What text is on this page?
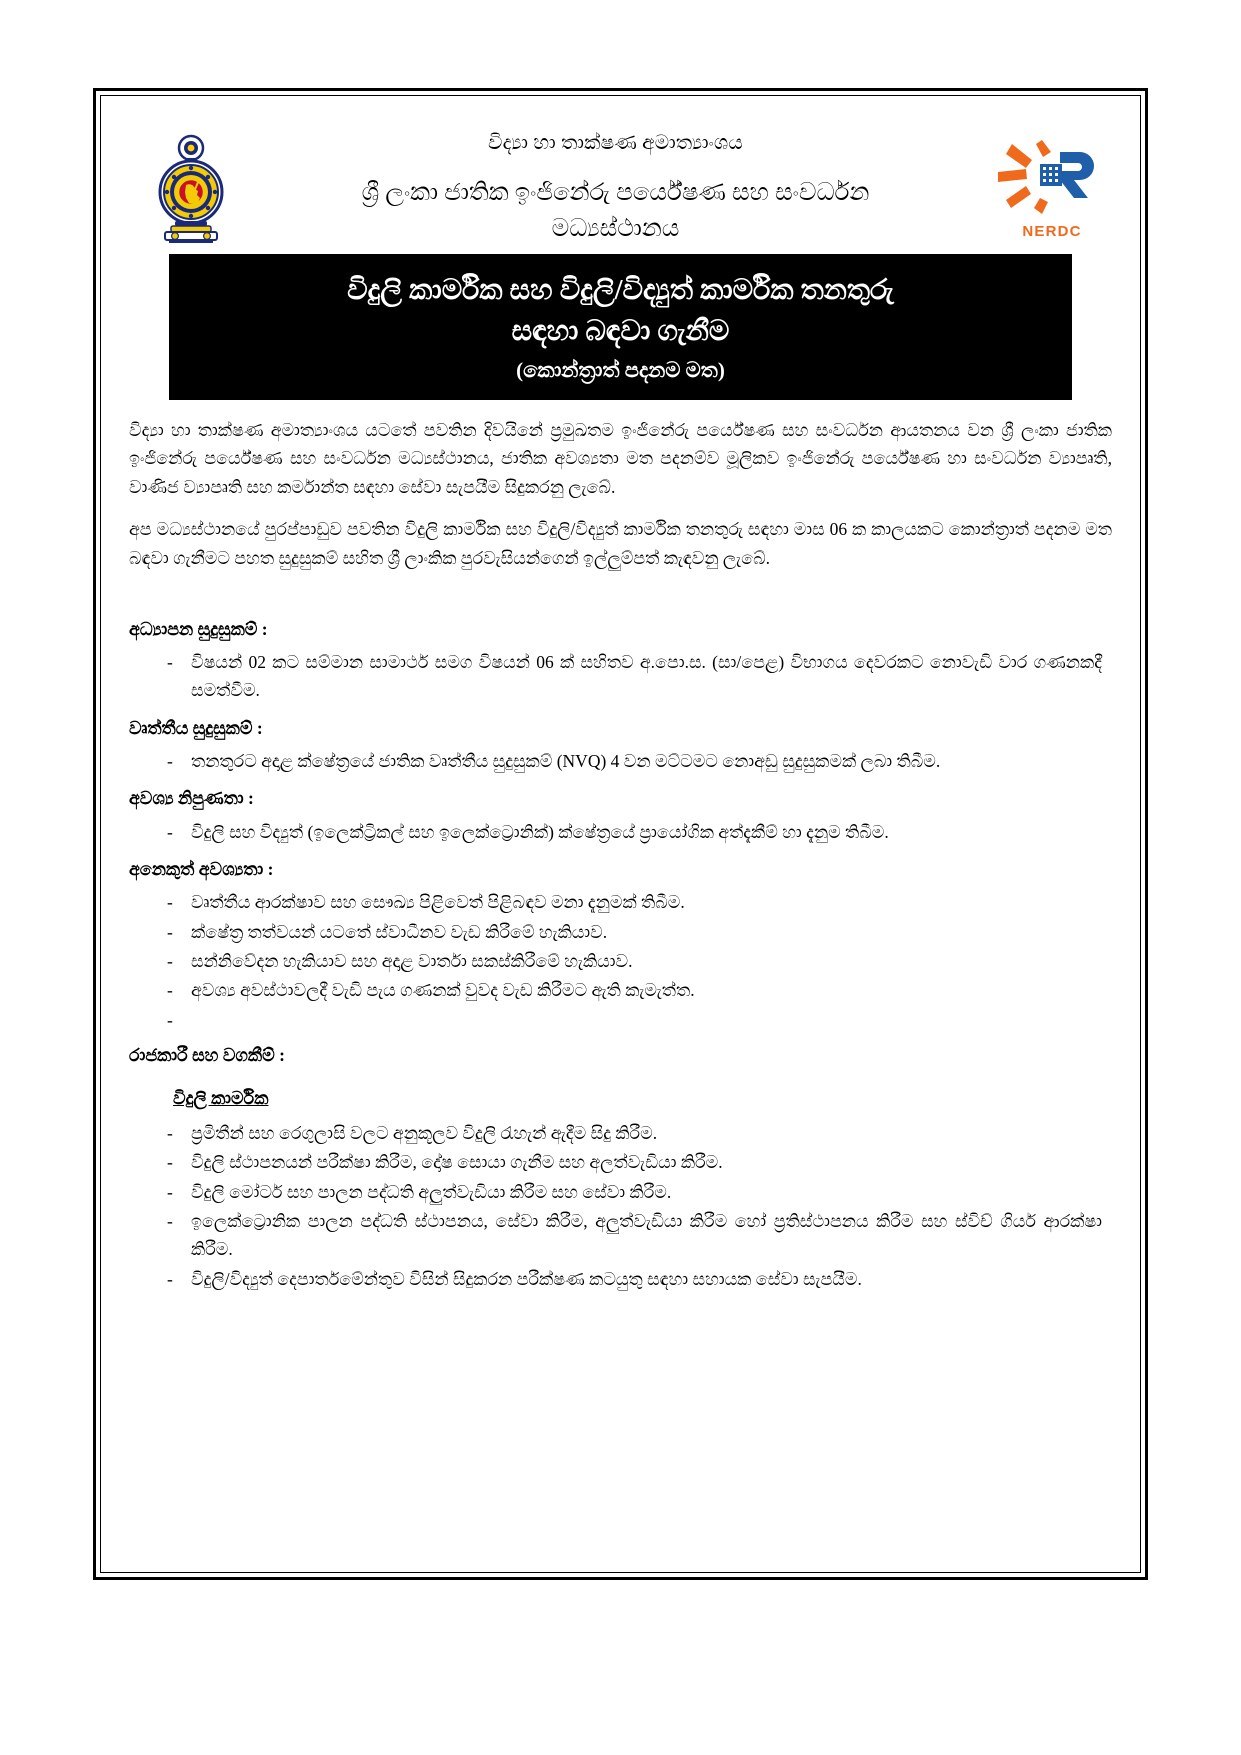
විද්‍යා හා තාක්ෂණ අමාත්‍යාංශය
ශ්‍රී ලංකා ජාතික ඉංජිනේරු පර්යේෂණ සහ සංවර්ධන
මධ්‍යස්ථානය	NERDC
විදුලි කාර්මික සහ විදුලි/විද්‍යුත් කාර්මික තනතුරු
සඳහා බඳවා ගැනීම
(කොන්ත්‍රාත් පදනම මත)

විද්‍යා හා තාක්ෂණ අමාත්‍යාංශය යටතේ පවතින දිවයිනේ ප්‍රමුඛතම ඉංජිනේරු පර්යේෂණ සහ සංවර්ධන ආයතනය වන ශ්‍රී ලංකා ජාතික ඉංජිනේරු පර්යේෂණ සහ සංවර්ධන මධ්‍යස්ථානය, ජාතික අවශ්‍යතා මත පදනම්ව මූලිකව ඉංජිනේරු පර්යේෂණ හා සංවර්ධන ව්‍යාපෘති, වාණිජ ව්‍යාපෘති සහ කර්මාන්ත සඳහා සේවා සැපයීම සිදුකරනු ලැබේ.

අප මධ්‍යස්ථානයේ පුරප්පාඩුව පවතින විදුලි කාර්මික සහ විදුලි/විද්‍යුත් කාර්මික තනතුරු සඳහා මාස 06 ක කාලයකට කොන්ත්‍රාත් පදනම මත බඳවා ගැනීමට පහත සුදුසුකම් සහිත ශ්‍රී ලාංකික පුරවැසියන්ගෙන් ඉල්ලුම්පත් කැඳවනු ලැබේ.

අධ්‍යාපන සුදුසුකම් :
- විෂයන් 02 කට සම්මාන සාමාර්ථ සමග විෂයන් 06 ක් සහිතව අ.පො.ස. (සා/පෙළ) විභාගය දෙවරකට නොවැඩි වාර ගණනකදී සමත්වීම.
වෘත්තීය සුදුසුකම් :
- තනතුරට අදාළ ක්ෂේත්‍රයේ ජාතික වෘත්තීය සුදුසුකම් (NVQ) 4 වන මට්ටමට නොඅඩු සුදුසුකමක් ලබා තිබීම.
අවශ්‍ය නිපුණතා :
- විදුලි සහ විද්‍යුත් (ඉලෙක්ට්‍රිකල් සහ ඉලෙක්ට්‍රොනික්) ක්ෂේත්‍රයේ ප්‍රායෝගික අත්දැකීම් හා දැනුම තිබීම.
අනෙකුත් අවශ්‍යතා :
- වෘත්තීය ආරක්ෂාව සහ සෞඛ්‍ය පිළිවෙත් පිළිබඳව මනා දැනුමක් තිබීම.
- ක්ෂේත්‍ර තත්වයන් යටතේ ස්වාධීනව වැඩ කිරීමේ හැකියාව.
- සන්නිවේදන හැකියාව සහ අදාළ වාර්තා සකස්කිරීමේ හැකියාව.
- අවශ්‍ය අවස්ථාවලදී වැඩි පැය ගණනක් වුවද වැඩ කිරීමට ඇති කැමැත්ත.
-
රාජකාරී සහ වගකීම් :
විදුලි කාර්මික
- ප්‍රමිතීන් සහ රෙගුලාසි වලට අනුකූලව විදුලි රැහැන් ඇදීම සිදු කිරීම.
- විදුලි ස්ථාපනයන් පරීක්ෂා කිරීම, දෝෂ සොයා ගැනීම සහ අලත්වැඩියා කිරීම.
- විදුලි මෝටර් සහ පාලන පද්ධති අලුත්වැඩියා කිරීම සහ සේවා කිරීම.
- ඉලෙක්ට්‍රොනික පාලන පද්ධති ස්ථාපනය, සේවා කිරීම, අලුත්වැඩියා කිරීම හෝ ප්‍රතිස්ථාපනය කිරීම සහ ස්විච් ගියර් ආරක්ෂා කිරීම.
- විදුලි/විද්‍යුත් දෙපාර්තමේන්තුව විසින් සිදුකරන පරීක්ෂණ කටයුතු සඳහා සහායක සේවා සැපයීම.
